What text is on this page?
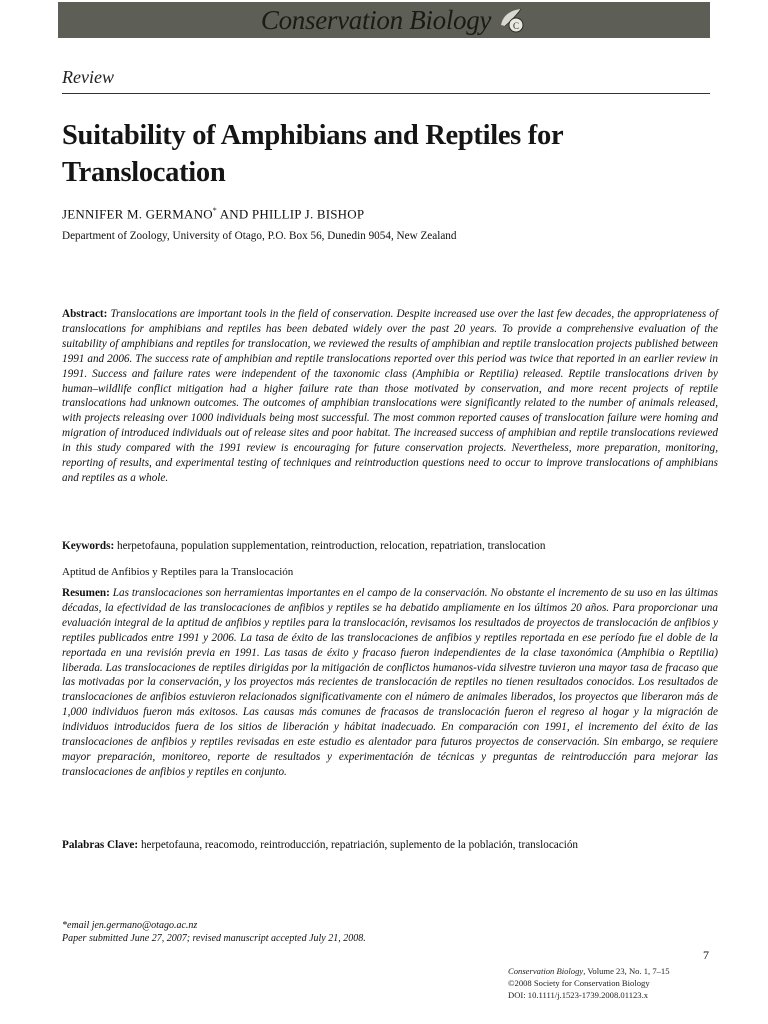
Conservation Biology C
Review
Suitability of Amphibians and Reptiles for Translocation
JENNIFER M. GERMANO* AND PHILLIP J. BISHOP
Department of Zoology, University of Otago, P.O. Box 56, Dunedin 9054, New Zealand

Abstract: Translocations are important tools in the field of conservation. Despite increased use over the last few decades, the appropriateness of translocations for amphibians and reptiles has been debated widely over the past 20 years. To provide a comprehensive evaluation of the suitability of amphibians and reptiles for translocation, we reviewed the results of amphibian and reptile translocation projects published between 1991 and 2006. The success rate of amphibian and reptile translocations reported over this period was twice that reported in an earlier review in 1991. Success and failure rates were independent of the taxonomic class (Amphibia or Reptilia) released. Reptile translocations driven by human–wildlife conflict mitigation had a higher failure rate than those motivated by conservation, and more recent projects of reptile translocations had unknown outcomes. The outcomes of amphibian translocations were significantly related to the number of animals released, with projects releasing over 1000 individuals being most successful. The most common reported causes of translocation failure were homing and migration of introduced individuals out of release sites and poor habitat. The increased success of amphibian and reptile translocations reviewed in this study compared with the 1991 review is encouraging for future conservation projects. Nevertheless, more preparation, monitoring, reporting of results, and experimental testing of techniques and reintroduction questions need to occur to improve translocations of amphibians and reptiles as a whole.

Keywords: herpetofauna, population supplementation, reintroduction, relocation, repatriation, translocation
Aptitud de Anfibios y Reptiles para la Translocación

Resumen: Las translocaciones son herramientas importantes en el campo de la conservación. No obstante el incremento de su uso en las últimas décadas, la efectividad de las translocaciones de anfibios y reptiles se ha debatido ampliamente en los últimos 20 años. Para proporcionar una evaluación integral de la aptitud de anfibios y reptiles para la translocación, revisamos los resultados de proyectos de translocación de anfibios y reptiles publicados entre 1991 y 2006. La tasa de éxito de las translocaciones de anfibios y reptiles reportada en ese período fue el doble de la reportada en una revisión previa en 1991. Las tasas de éxito y fracaso fueron independientes de la clase taxonómica (Amphibia o Reptilia) liberada. Las translocaciones de reptiles dirigidas por la mitigación de conflictos humanos-vida silvestre tuvieron una mayor tasa de fracaso que las motivadas por la conservación, y los proyectos más recientes de translocación de reptiles no tienen resultados conocidos. Los resultados de translocaciones de anfibios estuvieron relacionados significativamente con el número de animales liberados, los proyectos que liberaron más de 1,000 individuos fueron más exitosos. Las causas más comunes de fracasos de translocación fueron el regreso al hogar y la migración de individuos introducidos fuera de los sitios de liberación y hábitat inadecuado. En comparación con 1991, el incremento del éxito de las translocaciones de anfibios y reptiles revisadas en este estudio es alentador para futuros proyectos de conservación. Sin embargo, se requiere mayor preparación, monitoreo, reporte de resultados y experimentación de técnicas y preguntas de reintroducción para mejorar las translocaciones de anfibios y reptiles en conjunto.

Palabras Clave: herpetofauna, reacomodo, reintroducción, repatriación, suplemento de la población, translocación

*email jen.germano@otago.ac.nz
Paper submitted June 27, 2007; revised manuscript accepted July 21, 2008.
7
Conservation Biology, Volume 23, No. 1, 7–15
©2008 Society for Conservation Biology
DOI: 10.1111/j.1523-1739.2008.01123.x
